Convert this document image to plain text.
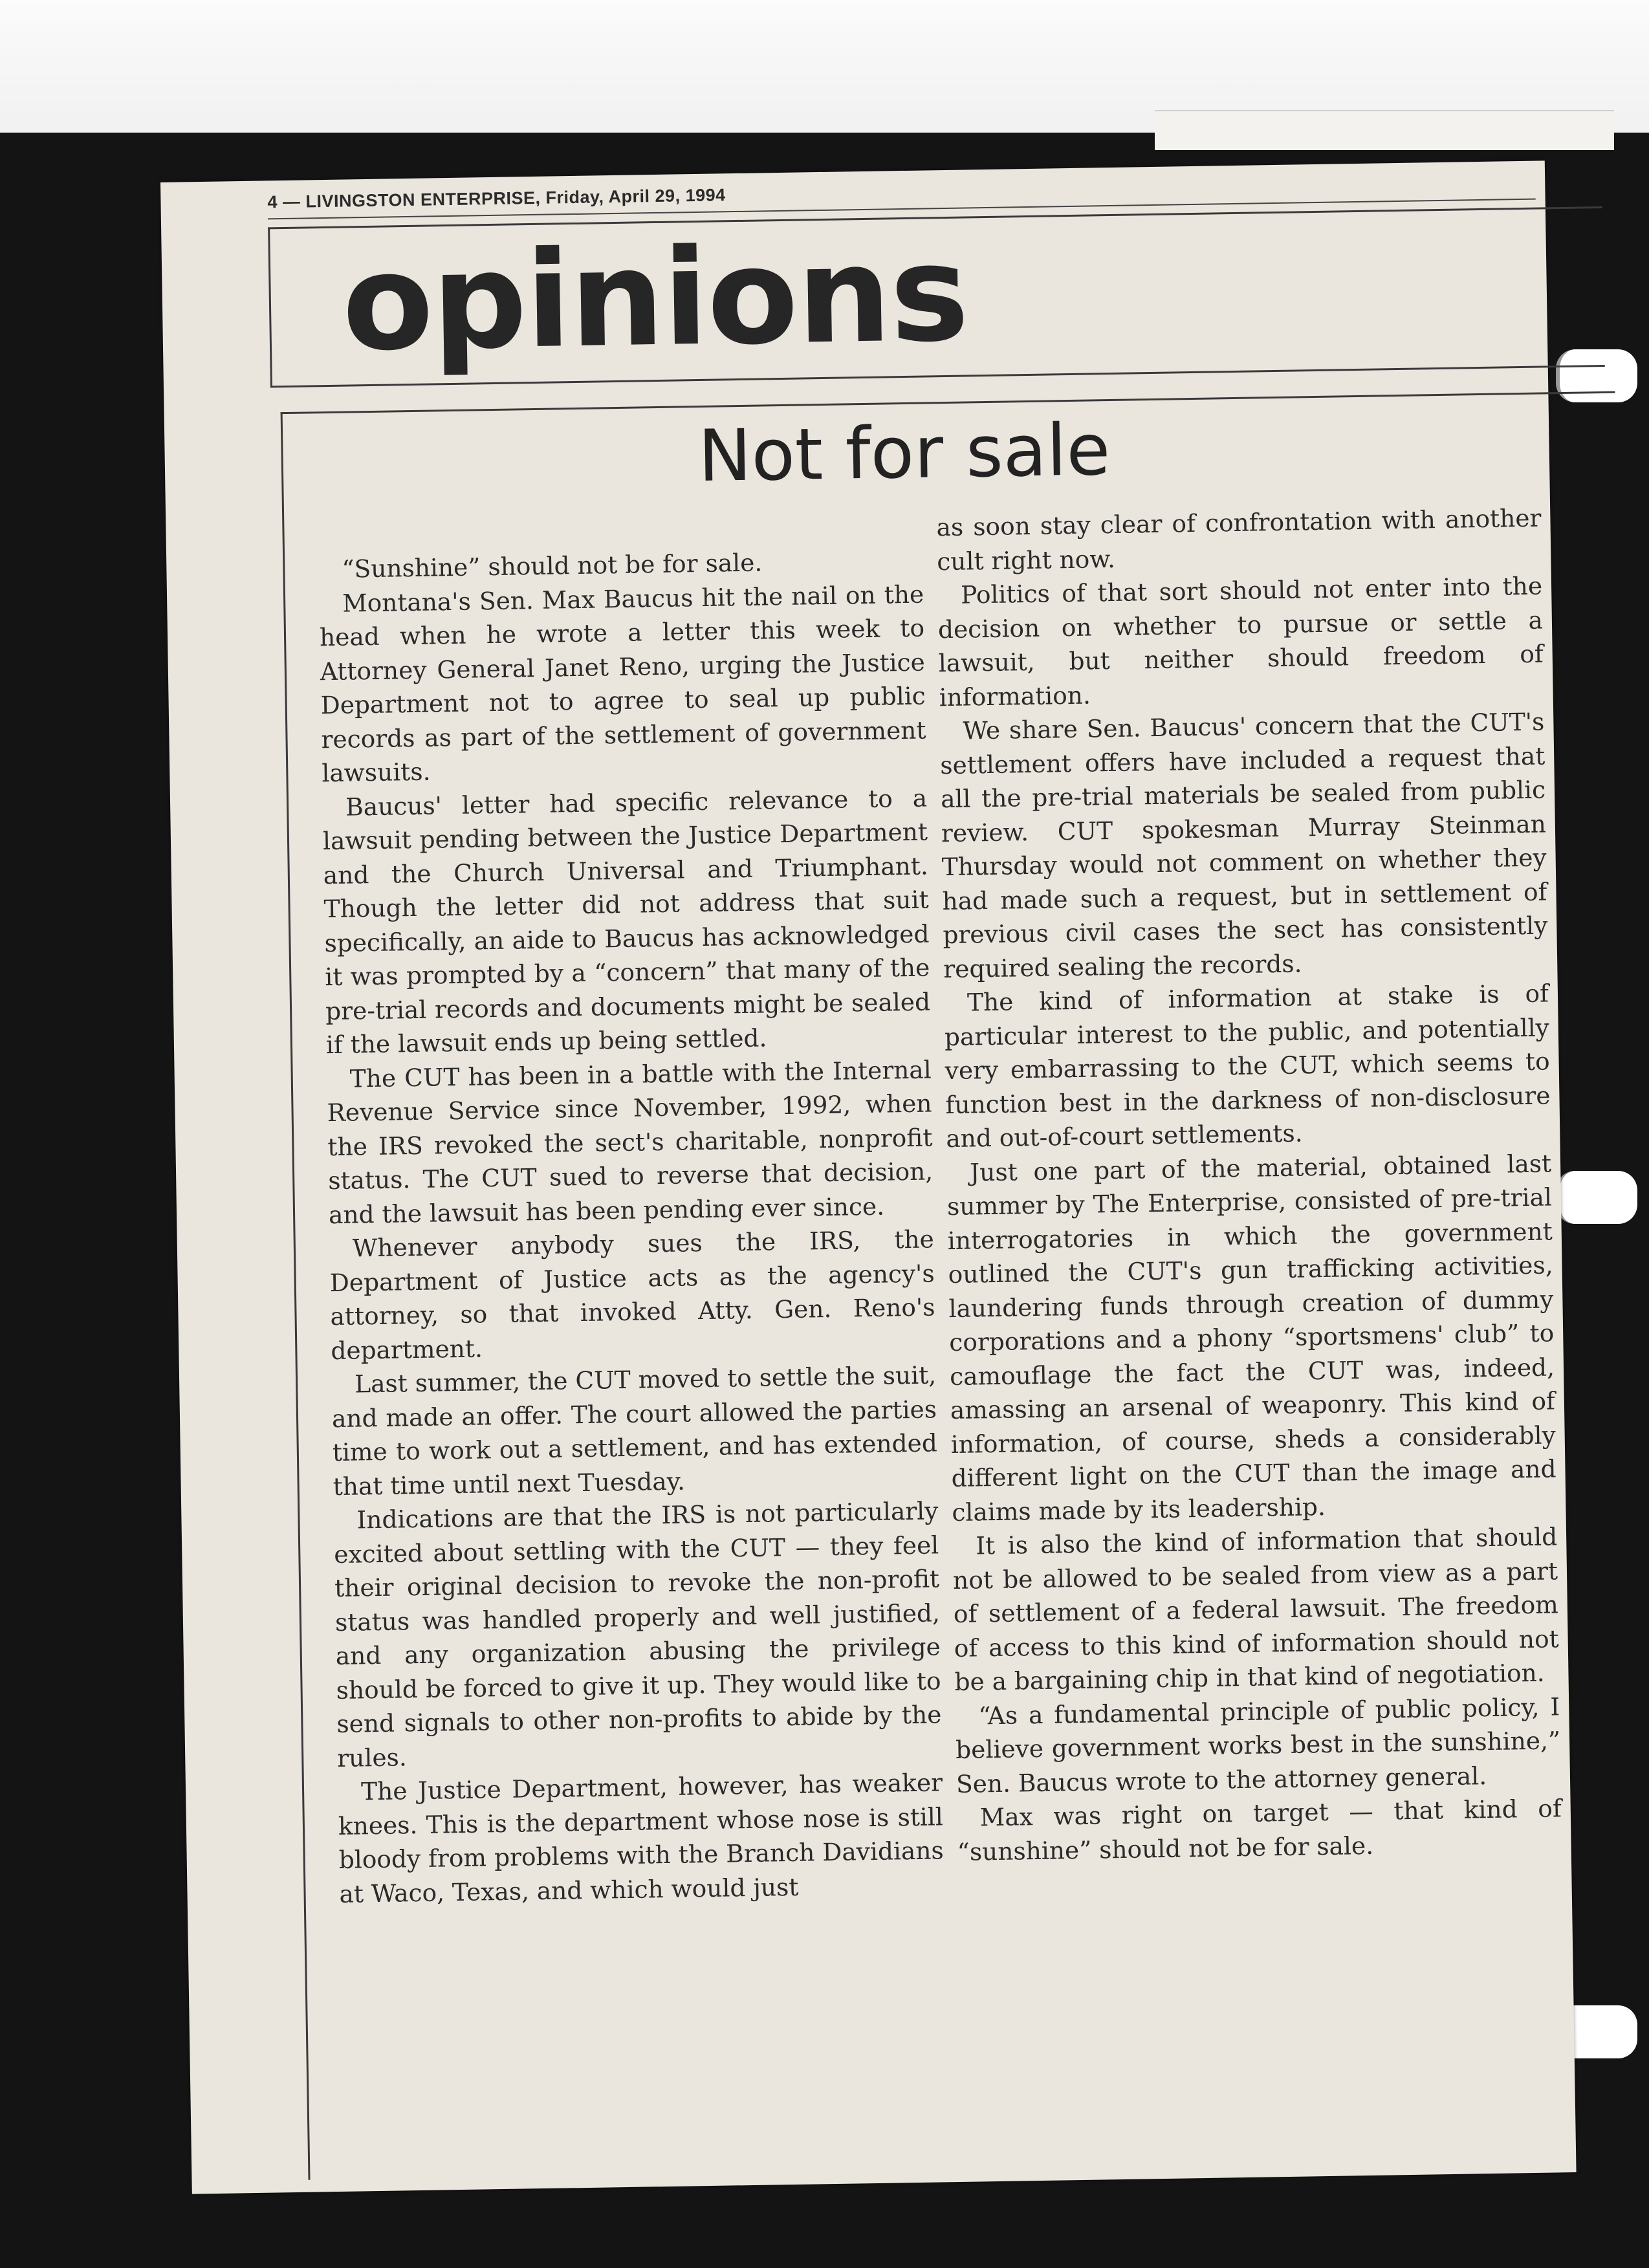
4 — LIVINGSTON ENTERPRISE, Friday, April 29, 1994
opinions
Not for sale

“Sunshine” should not be for sale.

Montana's Sen. Max Baucus hit the nail on the head when he wrote a letter this week to Attorney General Janet Reno, urging the Justice Department not to agree to seal up public records as part of the settlement of government lawsuits.

Baucus' letter had specific relevance to a lawsuit pending between the Justice Department and the Church Universal and Triumphant. Though the letter did not address that suit specifically, an aide to Baucus has acknowledged it was prompted by a “concern” that many of the pre-trial records and documents might be sealed if the lawsuit ends up being settled.

The CUT has been in a battle with the Internal Revenue Service since November, 1992, when the IRS revoked the sect's charitable, nonprofit status. The CUT sued to reverse that decision, and the lawsuit has been pending ever since.

Whenever anybody sues the IRS, the Department of Justice acts as the agency's attorney, so that invoked Atty. Gen. Reno's department.

Last summer, the CUT moved to settle the suit, and made an offer. The court allowed the parties time to work out a settlement, and has extended that time until next Tuesday.

Indications are that the IRS is not particularly excited about settling with the CUT — they feel their original decision to revoke the non-profit status was handled properly and well justified, and any organization abusing the privilege should be forced to give it up. They would like to send signals to other non-profits to abide by the rules.

The Justice Department, however, has weaker knees. This is the department whose nose is still bloody from problems with the Branch Davidians at Waco, Texas, and which would just

as soon stay clear of confrontation with another cult right now.

Politics of that sort should not enter into the decision on whether to pursue or settle a lawsuit, but neither should freedom of information.

We share Sen. Baucus' concern that the CUT's settlement offers have included a request that all the pre-trial materials be sealed from public review. CUT spokesman Murray Steinman Thursday would not comment on whether they had made such a request, but in settlement of previous civil cases the sect has consistently required sealing the records.

The kind of information at stake is of particular interest to the public, and potentially very embarrassing to the CUT, which seems to function best in the darkness of non-disclosure and out-of-court settlements.

Just one part of the material, obtained last summer by The Enterprise, consisted of pre-trial interrogatories in which the government outlined the CUT's gun trafficking activities, laundering funds through creation of dummy corporations and a phony “sportsmens' club” to camouflage the fact the CUT was, indeed, amassing an arsenal of weaponry. This kind of information, of course, sheds a considerably different light on the CUT than the image and claims made by its leadership.

It is also the kind of information that should not be allowed to be sealed from view as a part of settlement of a federal lawsuit. The freedom of access to this kind of information should not be a bargaining chip in that kind of negotiation.

“As a fundamental principle of public policy, I believe government works best in the sunshine,” Sen. Baucus wrote to the attorney general.

Max was right on target — that kind of “sunshine” should not be for sale.
